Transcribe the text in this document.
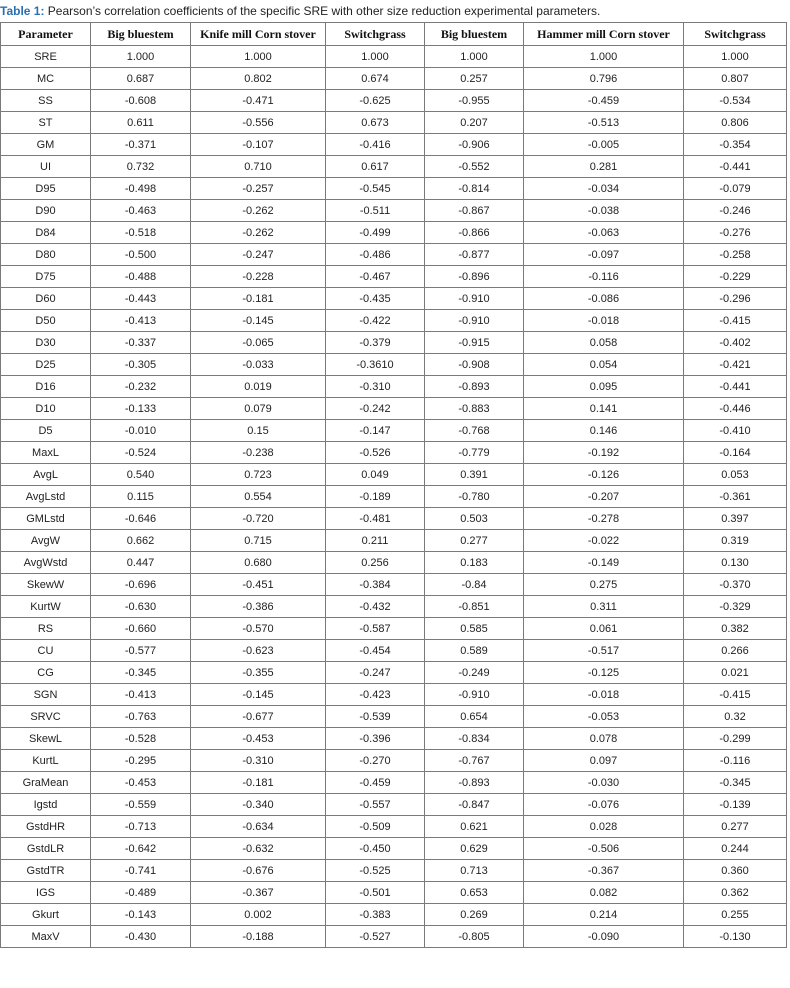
Table 1: Pearson’s correlation coefficients of the specific SRE with other size reduction experimental parameters.
Parameter	Big bluestem	Knife mill Corn stover	Switchgrass	Big bluestem	Hammer mill Corn stover	Switchgrass
SRE	1.000	1.000	1.000	1.000	1.000	1.000
MC	0.687	0.802	0.674	0.257	0.796	0.807
SS	-0.608	-0.471	-0.625	-0.955	-0.459	-0.534
ST	0.611	-0.556	0.673	0.207	-0.513	0.806
GM	-0.371	-0.107	-0.416	-0.906	-0.005	-0.354
UI	0.732	0.710	0.617	-0.552	0.281	-0.441
D95	-0.498	-0.257	-0.545	-0.814	-0.034	-0.079
D90	-0.463	-0.262	-0.511	-0.867	-0.038	-0.246
D84	-0.518	-0.262	-0.499	-0.866	-0.063	-0.276
D80	-0.500	-0.247	-0.486	-0.877	-0.097	-0.258
D75	-0.488	-0.228	-0.467	-0.896	-0.116	-0.229
D60	-0.443	-0.181	-0.435	-0.910	-0.086	-0.296
D50	-0.413	-0.145	-0.422	-0.910	-0.018	-0.415
D30	-0.337	-0.065	-0.379	-0.915	0.058	-0.402
D25	-0.305	-0.033	-0.3610	-0.908	0.054	-0.421
D16	-0.232	0.019	-0.310	-0.893	0.095	-0.441
D10	-0.133	0.079	-0.242	-0.883	0.141	-0.446
D5	-0.010	0.15	-0.147	-0.768	0.146	-0.410
MaxL	-0.524	-0.238	-0.526	-0.779	-0.192	-0.164
AvgL	0.540	0.723	0.049	0.391	-0.126	0.053
AvgLstd	0.115	0.554	-0.189	-0.780	-0.207	-0.361
GMLstd	-0.646	-0.720	-0.481	0.503	-0.278	0.397
AvgW	0.662	0.715	0.211	0.277	-0.022	0.319
AvgWstd	0.447	0.680	0.256	0.183	-0.149	0.130
SkewW	-0.696	-0.451	-0.384	-0.84	0.275	-0.370
KurtW	-0.630	-0.386	-0.432	-0.851	0.311	-0.329
RS	-0.660	-0.570	-0.587	0.585	0.061	0.382
CU	-0.577	-0.623	-0.454	0.589	-0.517	0.266
CG	-0.345	-0.355	-0.247	-0.249	-0.125	0.021
SGN	-0.413	-0.145	-0.423	-0.910	-0.018	-0.415
SRVC	-0.763	-0.677	-0.539	0.654	-0.053	0.32
SkewL	-0.528	-0.453	-0.396	-0.834	0.078	-0.299
KurtL	-0.295	-0.310	-0.270	-0.767	0.097	-0.116
GraMean	-0.453	-0.181	-0.459	-0.893	-0.030	-0.345
Igstd	-0.559	-0.340	-0.557	-0.847	-0.076	-0.139
GstdHR	-0.713	-0.634	-0.509	0.621	0.028	0.277
GstdLR	-0.642	-0.632	-0.450	0.629	-0.506	0.244
GstdTR	-0.741	-0.676	-0.525	0.713	-0.367	0.360
IGS	-0.489	-0.367	-0.501	0.653	0.082	0.362
Gkurt	-0.143	0.002	-0.383	0.269	0.214	0.255
MaxV	-0.430	-0.188	-0.527	-0.805	-0.090	-0.130
